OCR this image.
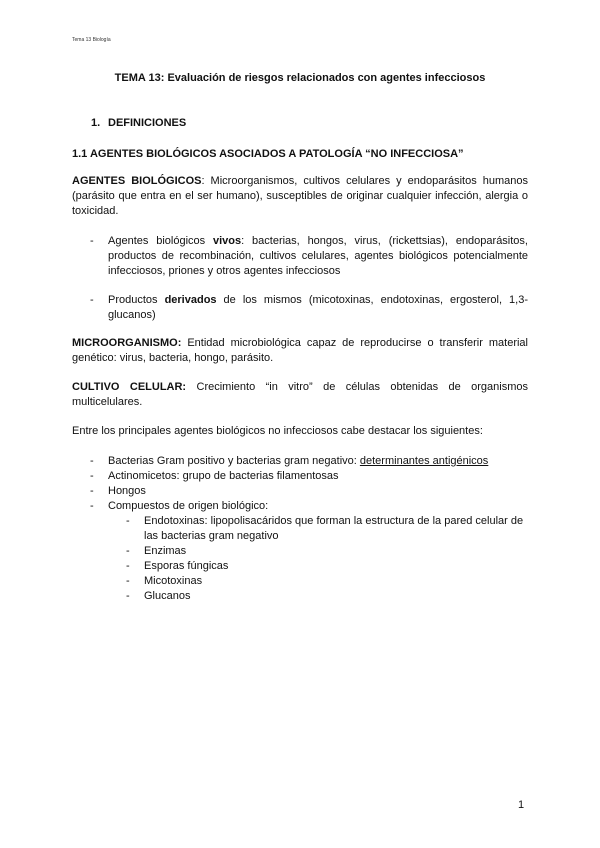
Tema 13 Biología
TEMA 13: Evaluación de riesgos relacionados con agentes infecciosos
1. DEFINICIONES
1.1 AGENTES BIOLÓGICOS ASOCIADOS A PATOLOGÍA “NO INFECCIOSA”

AGENTES BIOLÓGICOS: Microorganismos, cultivos celulares y endoparásitos humanos (parásito que entra en el ser humano), susceptibles de originar cualquier infección, alergia o toxicidad.

- Agentes biológicos vivos: bacterias, hongos, virus, (rickettsias), endoparásitos, productos de recombinación, cultivos celulares, agentes biológicos potencialmente infecciosos, priones y otros agentes infecciosos
- Productos derivados de los mismos (micotoxinas, endotoxinas, ergosterol, 1,3-glucanos)

MICROORGANISMO: Entidad microbiológica capaz de reproducirse o transferir material genético: virus, bacteria, hongo, parásito.

CULTIVO CELULAR: Crecimiento “in vitro” de células obtenidas de organismos multicelulares.

Entre los principales agentes biológicos no infecciosos cabe destacar los siguientes:

- Bacterias Gram positivo y bacterias gram negativo: determinantes antigénicos
- Actinomicetos: grupo de bacterias filamentosas
- Hongos
- Compuestos de origen biológico:
- Endotoxinas: lipopolisacáridos que forman la estructura de la pared celular de las bacterias gram negativo
- Enzimas
- Esporas fúngicas
- Micotoxinas
- Glucanos
1
